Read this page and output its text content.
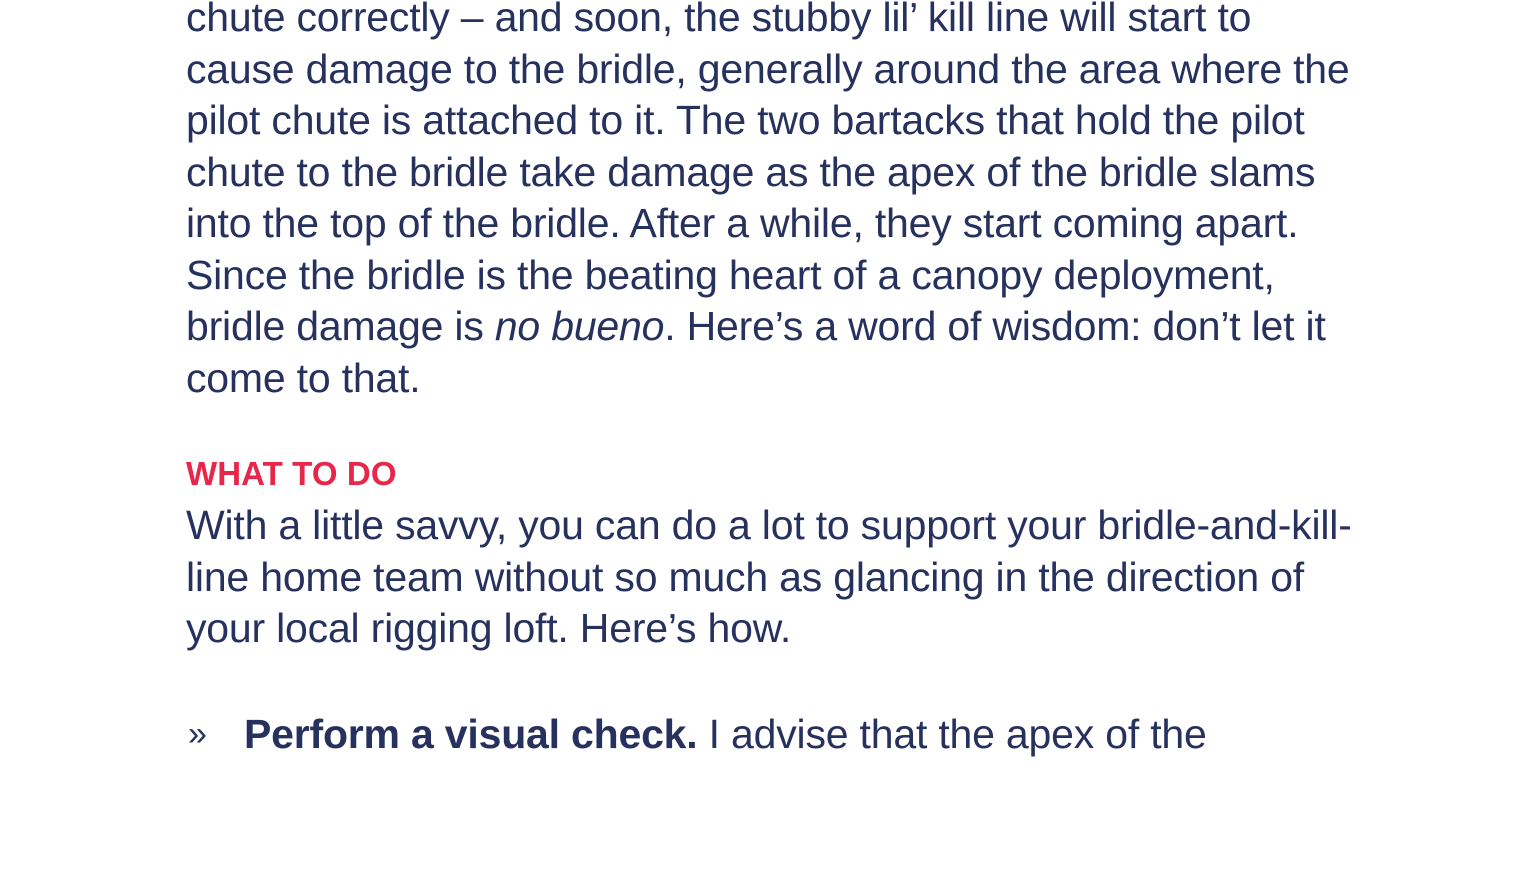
chute correctly – and soon, the stubby lil’ kill line will start to cause damage to the bridle, generally around the area where the pilot chute is attached to it. The two bartacks that hold the pilot chute to the bridle take damage as the apex of the bridle slams into the top of the bridle. After a while, they start coming apart. Since the bridle is the beating heart of a canopy deployment, bridle damage is no bueno. Here’s a word of wisdom: don’t let it come to that.

WHAT TO DO

With a little savvy, you can do a lot to support your bridle-and-kill-line home team without so much as glancing in the direction of your local rigging loft. Here’s how.

» Perform a visual check. I advise that the apex of the
